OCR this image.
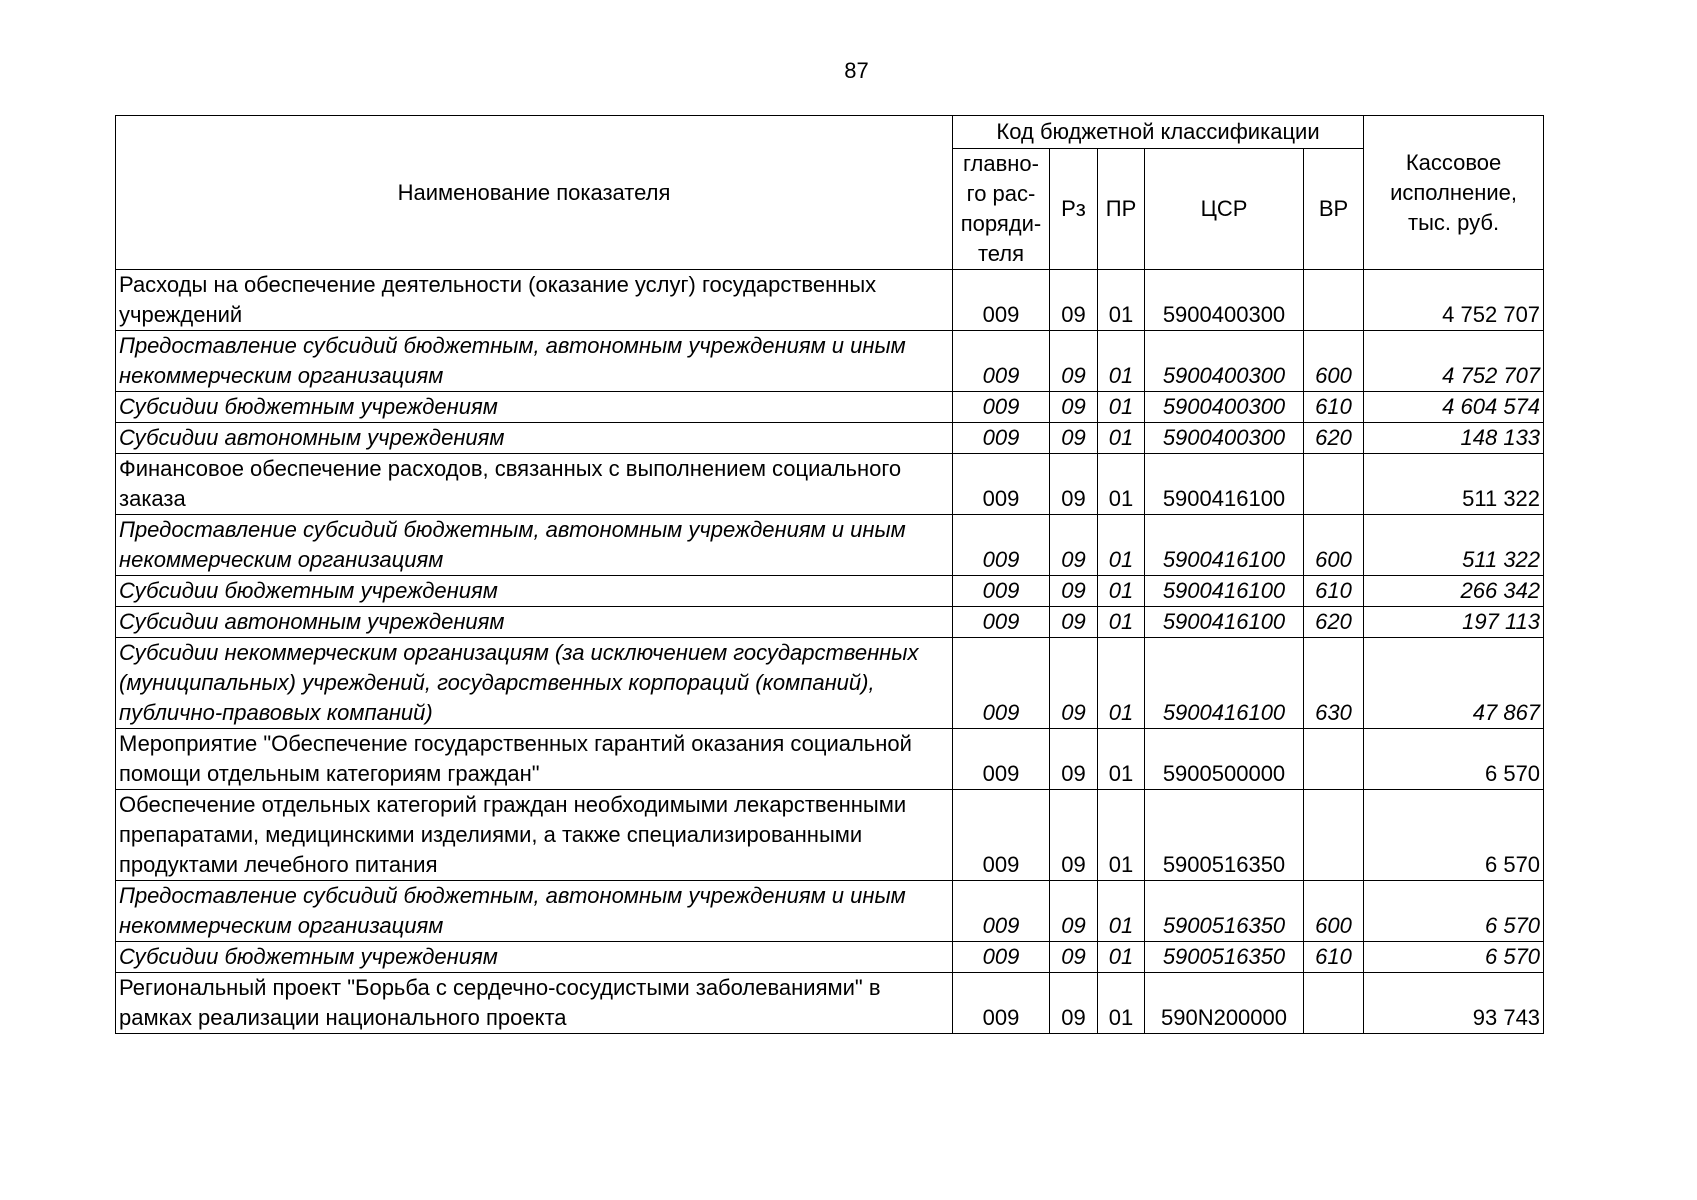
87
Наименование показателя	Код бюджетной классификации					Кассовое исполнение, тыс. руб.
	главно-го рас-поряди-теля	Рз	ПР	ЦСР	ВР	
Расходы на обеспечение деятельности (оказание услуг) государственных учреждений	009	09	01	5900400300		4 752 707
Предоставление субсидий бюджетным, автономным учреждениям и иным некоммерческим организациям	009	09	01	5900400300	600	4 752 707
Субсидии бюджетным учреждениям	009	09	01	5900400300	610	4 604 574
Субсидии автономным учреждениям	009	09	01	5900400300	620	148 133
Финансовое обеспечение расходов, связанных с выполнением социального заказа	009	09	01	5900416100		511 322
Предоставление субсидий бюджетным, автономным учреждениям и иным некоммерческим организациям	009	09	01	5900416100	600	511 322
Субсидии бюджетным учреждениям	009	09	01	5900416100	610	266 342
Субсидии автономным учреждениям	009	09	01	5900416100	620	197 113
Субсидии некоммерческим организациям (за исключением государственных (муниципальных) учреждений, государственных корпораций (компаний), публично-правовых компаний)	009	09	01	5900416100	630	47 867
Мероприятие "Обеспечение государственных гарантий оказания социальной помощи отдельным категориям граждан"	009	09	01	5900500000		6 570
Обеспечение отдельных категорий граждан необходимыми лекарственными препаратами, медицинскими изделиями, а также специализированными продуктами лечебного питания	009	09	01	5900516350		6 570
Предоставление субсидий бюджетным, автономным учреждениям и иным некоммерческим организациям	009	09	01	5900516350	600	6 570
Субсидии бюджетным учреждениям	009	09	01	5900516350	610	6 570
Региональный проект "Борьба с сердечно-сосудистыми заболеваниями" в рамках реализации национального проекта	009	09	01	590N200000		93 743
